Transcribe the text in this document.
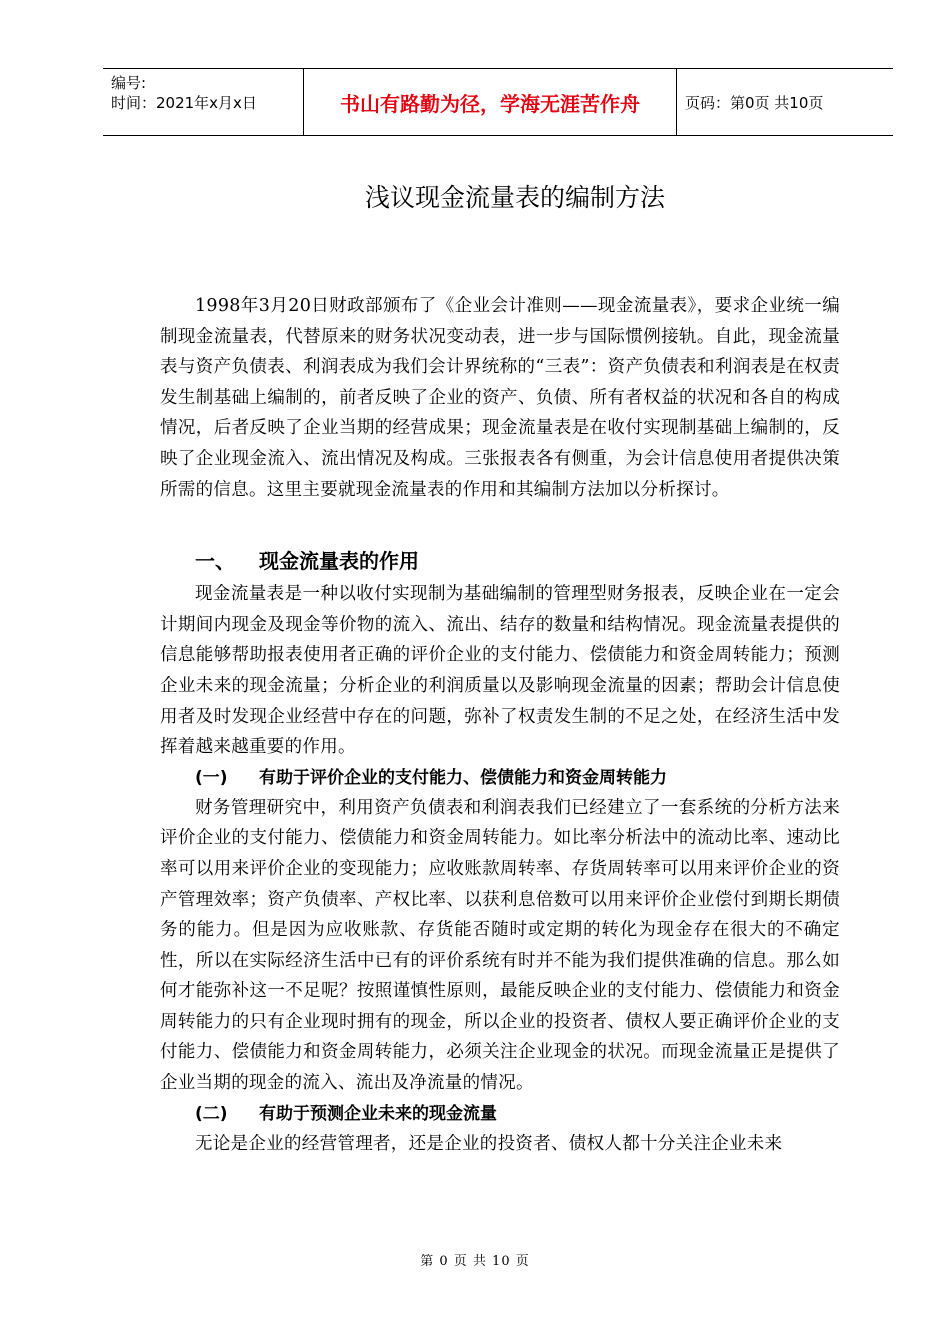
编号:
时间：2021年x月x日	书山有路勤为径，学海无涯苦作舟	页码：第0页 共10页
浅议现金流量表的编制方法

1998年3月20日财政部颁布了《企业会计准则——现金流量表》，要求企业统一编制现金流量表，代替原来的财务状况变动表，进一步与国际惯例接轨。自此，现金流量表与资产负债表、利润表成为我们会计界统称的“三表”：资产负债表和利润表是在权责发生制基础上编制的，前者反映了企业的资产、负债、所有者权益的状况和各自的构成情况，后者反映了企业当期的经营成果；现金流量表是在收付实现制基础上编制的，反映了企业现金流入、流出情况及构成。三张报表各有侧重，为会计信息使用者提供决策所需的信息。这里主要就现金流量表的作用和其编制方法加以分析探讨。

一、	现金流量表的作用

现金流量表是一种以收付实现制为基础编制的管理型财务报表，反映企业在一定会计期间内现金及现金等价物的流入、流出、结存的数量和结构情况。现金流量表提供的信息能够帮助报表使用者正确的评价企业的支付能力、偿债能力和资金周转能力；预测企业未来的现金流量；分析企业的利润质量以及影响现金流量的因素；帮助会计信息使用者及时发现企业经营中存在的问题，弥补了权责发生制的不足之处，在经济生活中发挥着越来越重要的作用。

(一)	有助于评价企业的支付能力、偿债能力和资金周转能力

财务管理研究中，利用资产负债表和利润表我们已经建立了一套系统的分析方法来评价企业的支付能力、偿债能力和资金周转能力。如比率分析法中的流动比率、速动比率可以用来评价企业的变现能力；应收账款周转率、存货周转率可以用来评价企业的资产管理效率；资产负债率、产权比率、以获利息倍数可以用来评价企业偿付到期长期债务的能力。但是因为应收账款、存货能否随时或定期的转化为现金存在很大的不确定性，所以在实际经济生活中已有的评价系统有时并不能为我们提供准确的信息。那么如何才能弥补这一不足呢？按照谨慎性原则，最能反映企业的支付能力、偿债能力和资金周转能力的只有企业现时拥有的现金，所以企业的投资者、债权人要正确评价企业的支付能力、偿债能力和资金周转能力，必须关注企业现金的状况。而现金流量正是提供了企业当期的现金的流入、流出及净流量的情况。

(二)	有助于预测企业未来的现金流量

无论是企业的经营管理者，还是企业的投资者、债权人都十分关注企业未来

第 0 页 共 10 页
